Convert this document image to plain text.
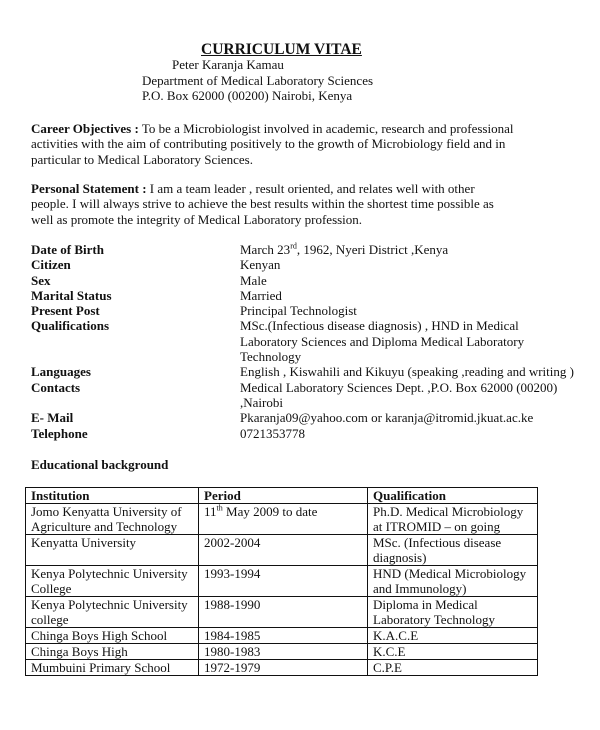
CURRICULUM VITAE
Peter Karanja Kamau
Department of Medical Laboratory Sciences
P.O. Box 62000 (00200) Nairobi, Kenya
Career Objectives : To be a Microbiologist involved in academic, research and professional
activities with the aim of contributing positively to the growth of Microbiology field and in
particular to Medical Laboratory Sciences.
Personal Statement : I am a team leader , result oriented, and relates well with other
people. I will always strive to achieve the best results within the shortest time possible as
well as promote the integrity of Medical Laboratory profession.
Date of Birth	March 23rd, 1962, Nyeri District ,Kenya
Citizen	Kenyan
Sex	Male
Marital Status	Married
Present Post	Principal Technologist
Qualifications	MSc.(Infectious disease diagnosis) , HND in Medical
Laboratory Sciences and Diploma Medical Laboratory
Technology
Languages	English , Kiswahili and Kikuyu (speaking ,reading and writing )
Contacts	Medical Laboratory Sciences Dept. ,P.O. Box 62000 (00200)
,Nairobi
E- Mail	Pkaranja09@yahoo.com or karanja@itromid.jkuat.ac.ke
Telephone	0721353778
Educational background
Institution	Period	Qualification
Jomo Kenyatta University of Agriculture and Technology	11th May 2009 to date	Ph.D. Medical Microbiology at ITROMID – on going
Kenyatta University	2002-2004	MSc. (Infectious disease diagnosis)
Kenya Polytechnic University College	1993-1994	HND (Medical Microbiology and Immunology)
Kenya Polytechnic University college	1988-1990	Diploma in Medical Laboratory Technology
Chinga Boys High School	1984-1985	K.A.C.E
Chinga Boys High	1980-1983	K.C.E
Mumbuini Primary School	1972-1979	C.P.E
